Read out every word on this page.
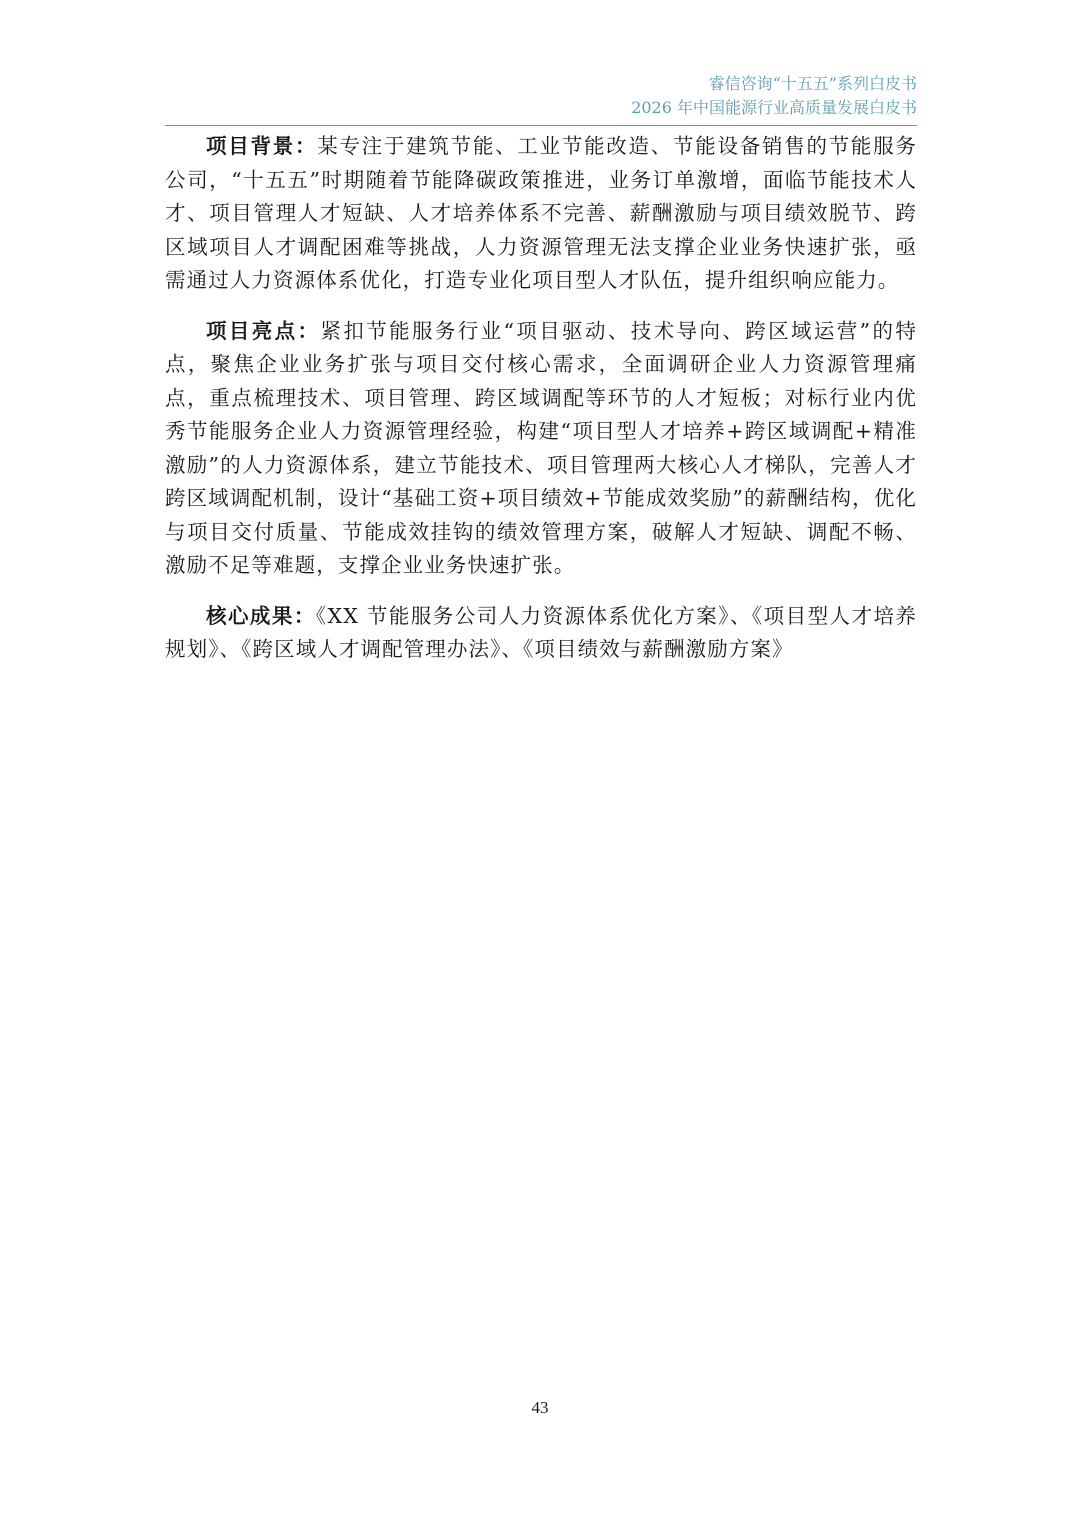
睿信咨询“十五五”系列白皮书
2026 年中国能源行业高质量发展白皮书

项目背景：某专注于建筑节能、工业节能改造、节能设备销售的节能服务公司，“十五五”时期随着节能降碳政策推进，业务订单激增，面临节能技术人才、项目管理人才短缺、人才培养体系不完善、薪酬激励与项目绩效脱节、跨区域项目人才调配困难等挑战，人力资源管理无法支撑企业业务快速扩张，亟需通过人力资源体系优化，打造专业化项目型人才队伍，提升组织响应能力。

项目亮点：紧扣节能服务行业“项目驱动、技术导向、跨区域运营”的特点，聚焦企业业务扩张与项目交付核心需求，全面调研企业人力资源管理痛点，重点梳理技术、项目管理、跨区域调配等环节的人才短板；对标行业内优秀节能服务企业人力资源管理经验，构建“项目型人才培养+跨区域调配+精准激励”的人力资源体系，建立节能技术、项目管理两大核心人才梯队，完善人才跨区域调配机制，设计“基础工资+项目绩效+节能成效奖励”的薪酬结构，优化与项目交付质量、节能成效挂钩的绩效管理方案，破解人才短缺、调配不畅、激励不足等难题，支撑企业业务快速扩张。

核心成果：《XX 节能服务公司人力资源体系优化方案》、《项目型人才培养规划》、《跨区域人才调配管理办法》、《项目绩效与薪酬激励方案》

43
